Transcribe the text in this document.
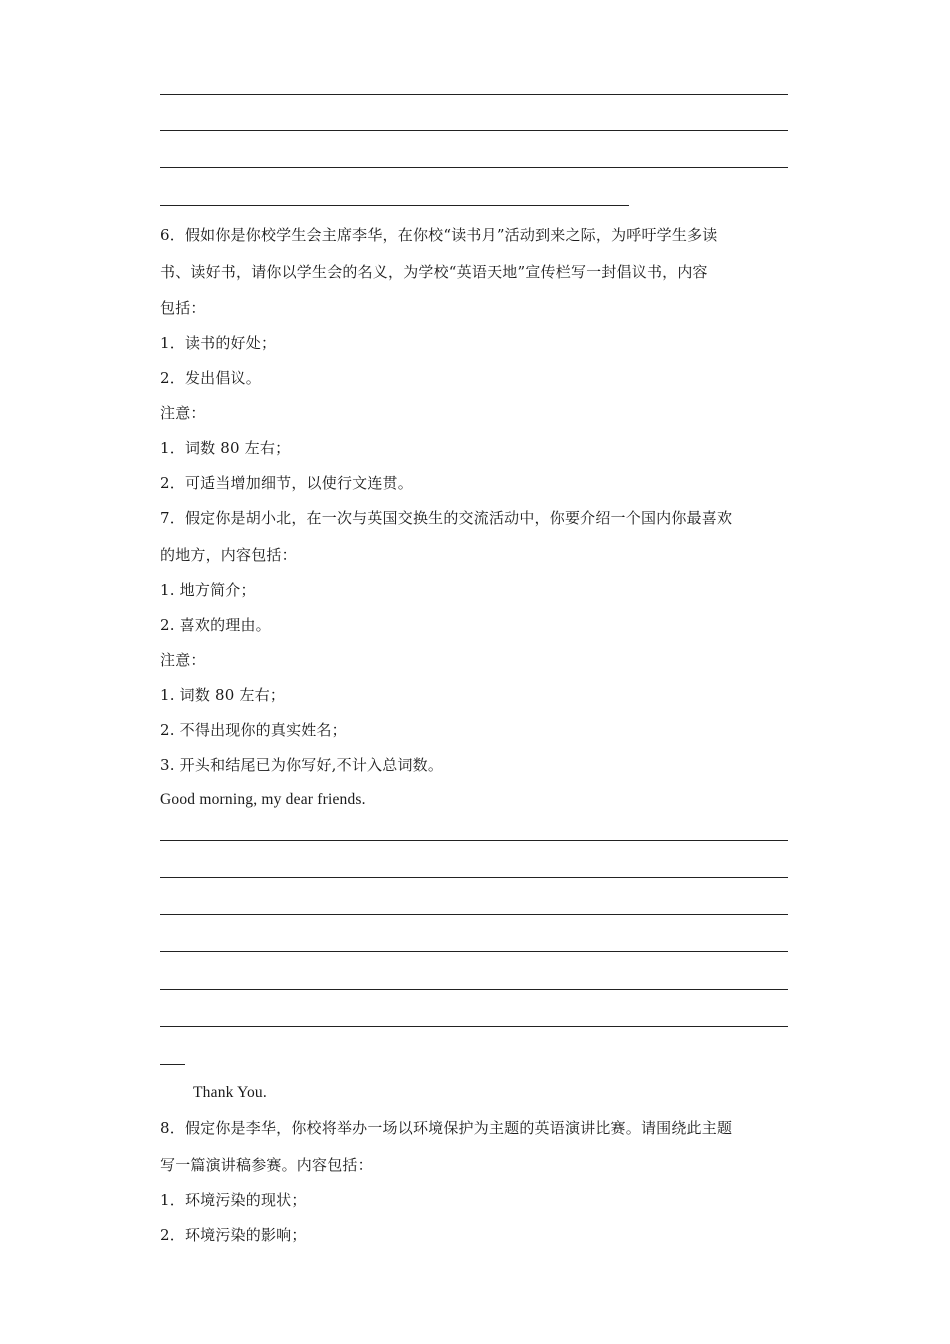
6．假如你是你校学生会主席李华，在你校“读书月”活动到来之际，为呼吁学生多读
书、读好书，请你以学生会的名义，为学校“英语天地”宣传栏写一封倡议书，内容
包括：
1．读书的好处；
2．发出倡议。
注意：
1．词数 80 左右；
2．可适当增加细节，以使行文连贯。
7．假定你是胡小北，在一次与英国交换生的交流活动中，你要介绍一个国内你最喜欢
的地方，内容包括：
1. 地方简介；
2. 喜欢的理由。
注意：
1. 词数 80 左右；
2. 不得出现你的真实姓名；
3. 开头和结尾已为你写好,不计入总词数。
Good morning, my dear friends.
Thank You.
8．假定你是李华，你校将举办一场以环境保护为主题的英语演讲比赛。请围绕此主题
写一篇演讲稿参赛。内容包括：
1．环境污染的现状；
2．环境污染的影响；
